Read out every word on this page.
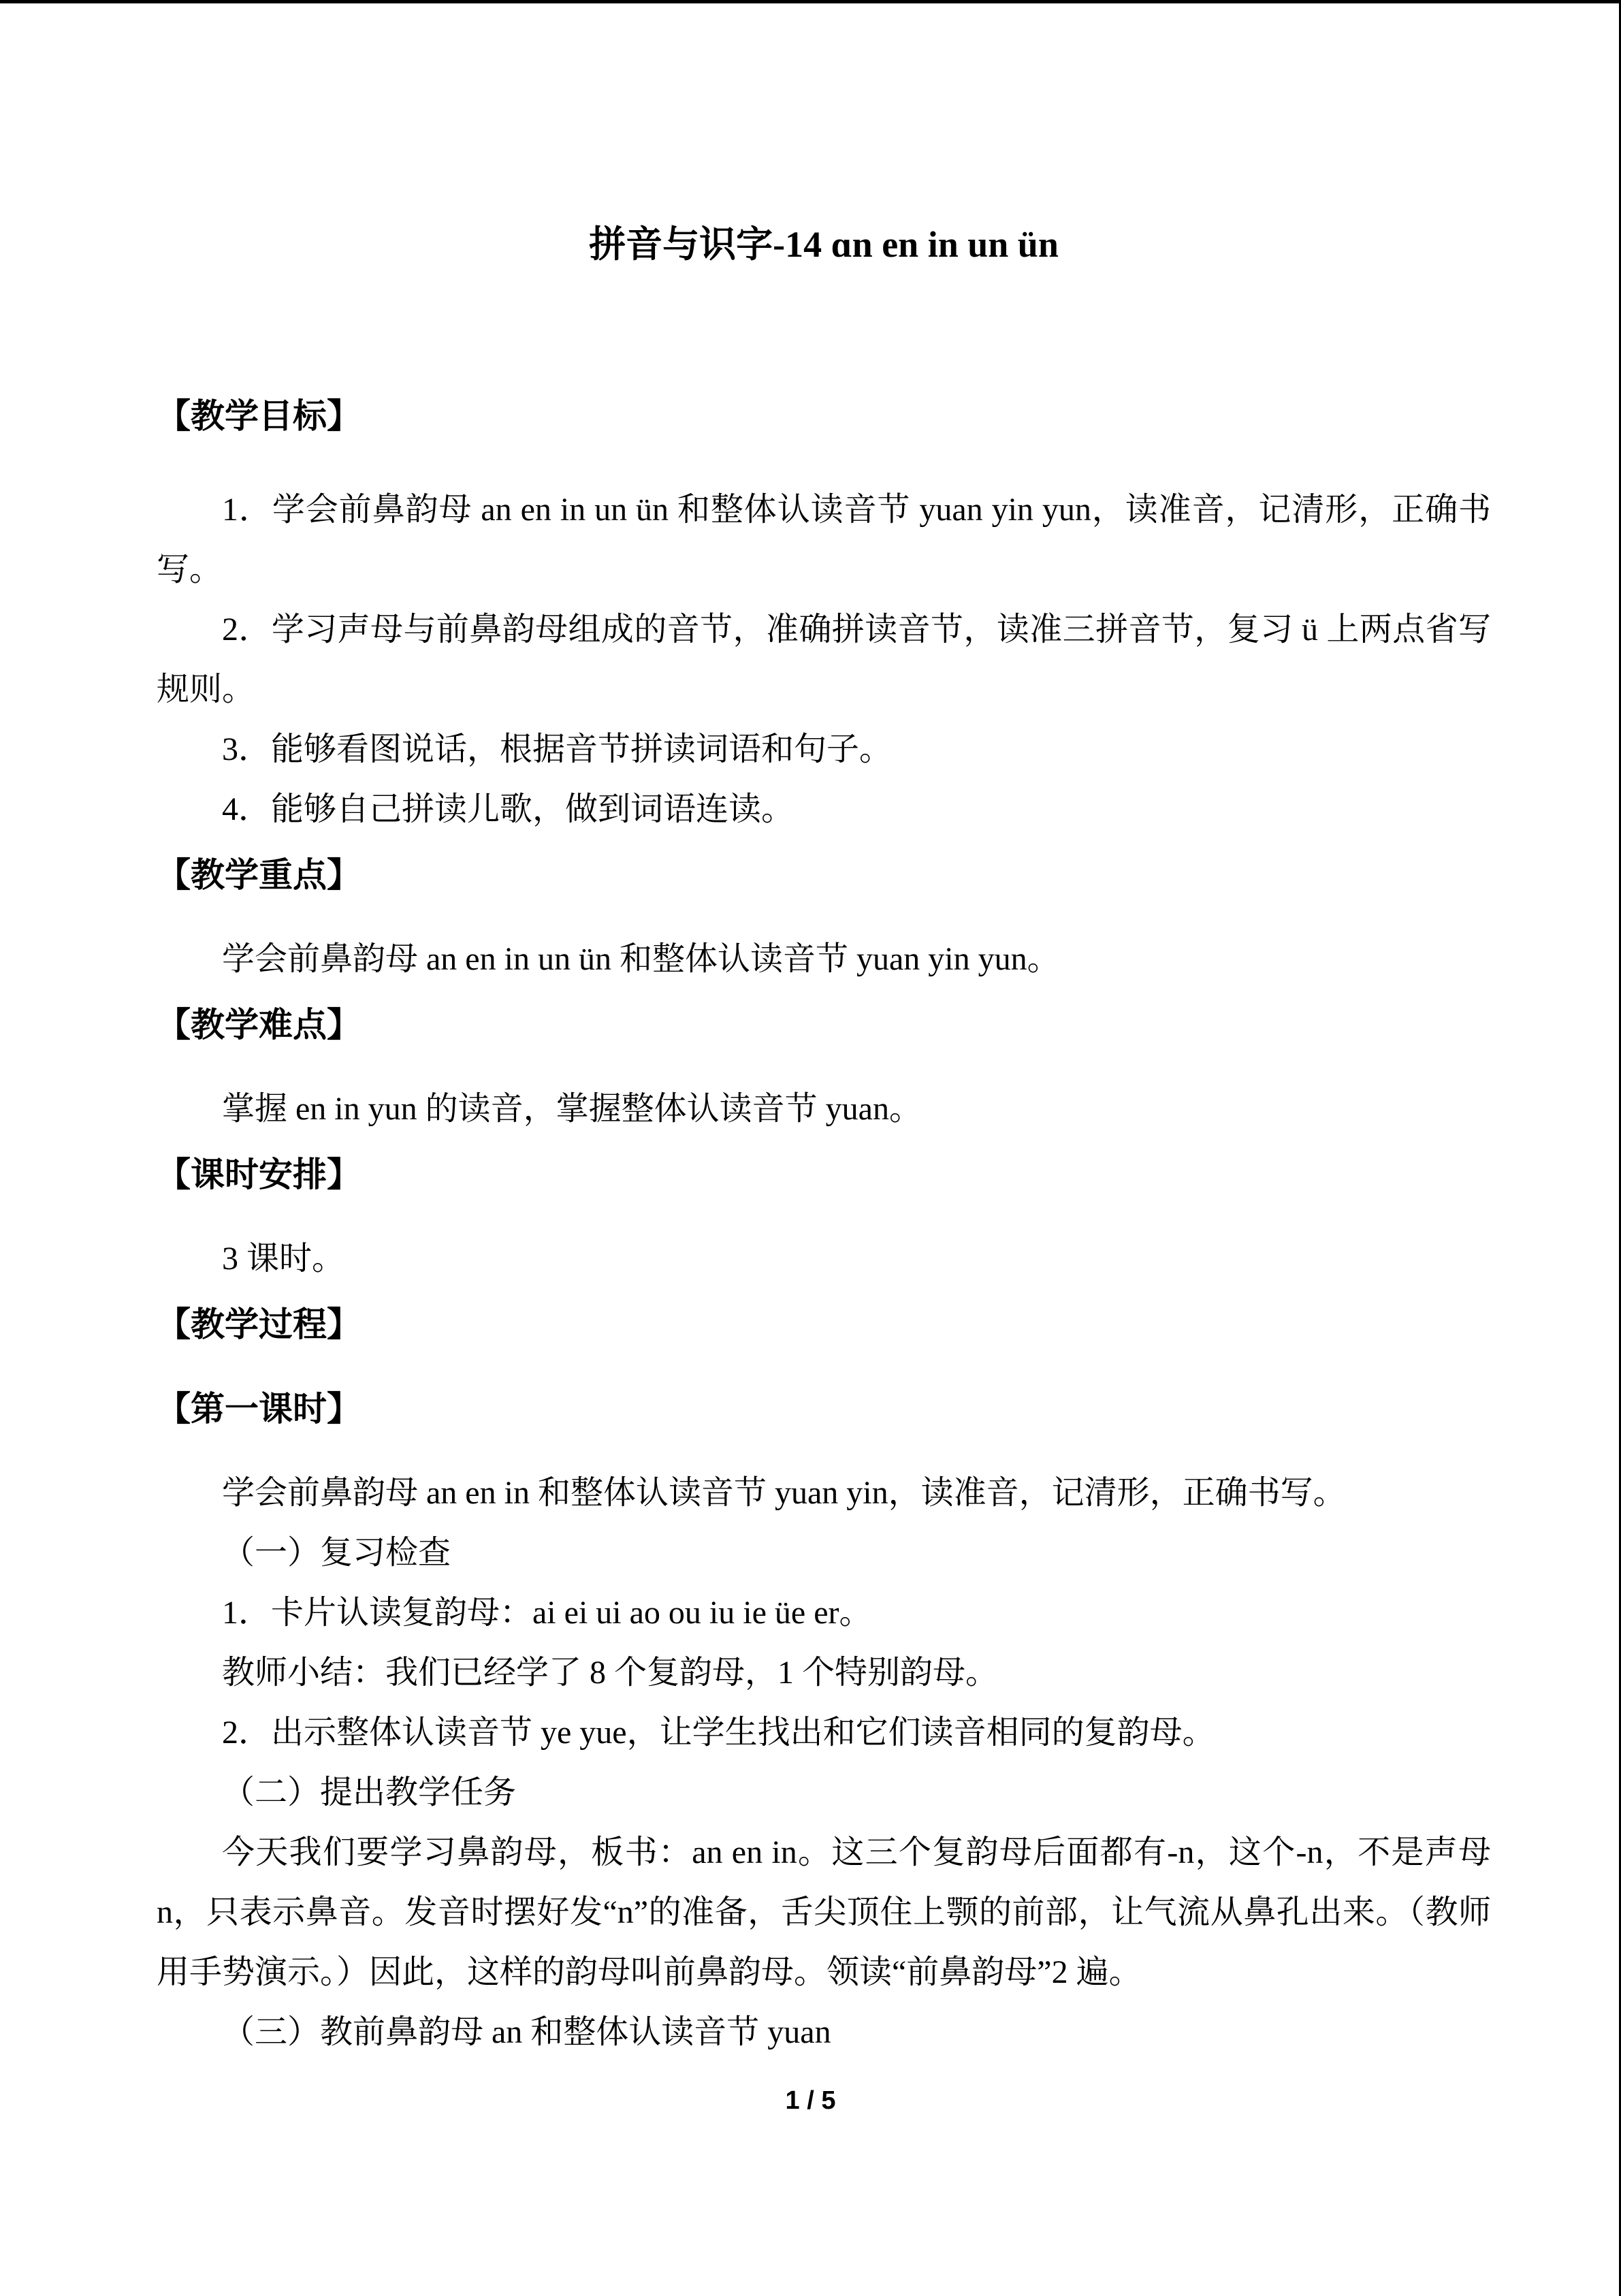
拼音与识字-14 ɑn en in un ün
【教学目标】

1．学会前鼻韵母 an en in un ün 和整体认读音节 yuan yin yun，读准音，记清形，正确书写。

2．学习声母与前鼻韵母组成的音节，准确拼读音节，读准三拼音节，复习 ü 上两点省写规则。

3．能够看图说话，根据音节拼读词语和句子。

4．能够自己拼读儿歌，做到词语连读。

【教学重点】

学会前鼻韵母 an en in un ün 和整体认读音节 yuan yin yun。

【教学难点】

掌握 en in yun 的读音，掌握整体认读音节 yuan。

【课时安排】

3 课时。

【教学过程】
【第一课时】

学会前鼻韵母 an en in 和整体认读音节 yuan yin，读准音，记清形，正确书写。

（一）复习检查

1．卡片认读复韵母：ai ei ui ao ou iu ie üe er。

教师小结：我们已经学了 8 个复韵母，1 个特别韵母。

2．出示整体认读音节 ye yue，让学生找出和它们读音相同的复韵母。

（二）提出教学任务

今天我们要学习鼻韵母，板书：an en in。这三个复韵母后面都有-n，这个-n，不是声母 n，只表示鼻音。发音时摆好发“n”的准备，舌尖顶住上颚的前部，让气流从鼻孔出来。（教师用手势演示。）因此，这样的韵母叫前鼻韵母。领读“前鼻韵母”2 遍。

（三）教前鼻韵母 an 和整体认读音节 yuan

1 / 5
